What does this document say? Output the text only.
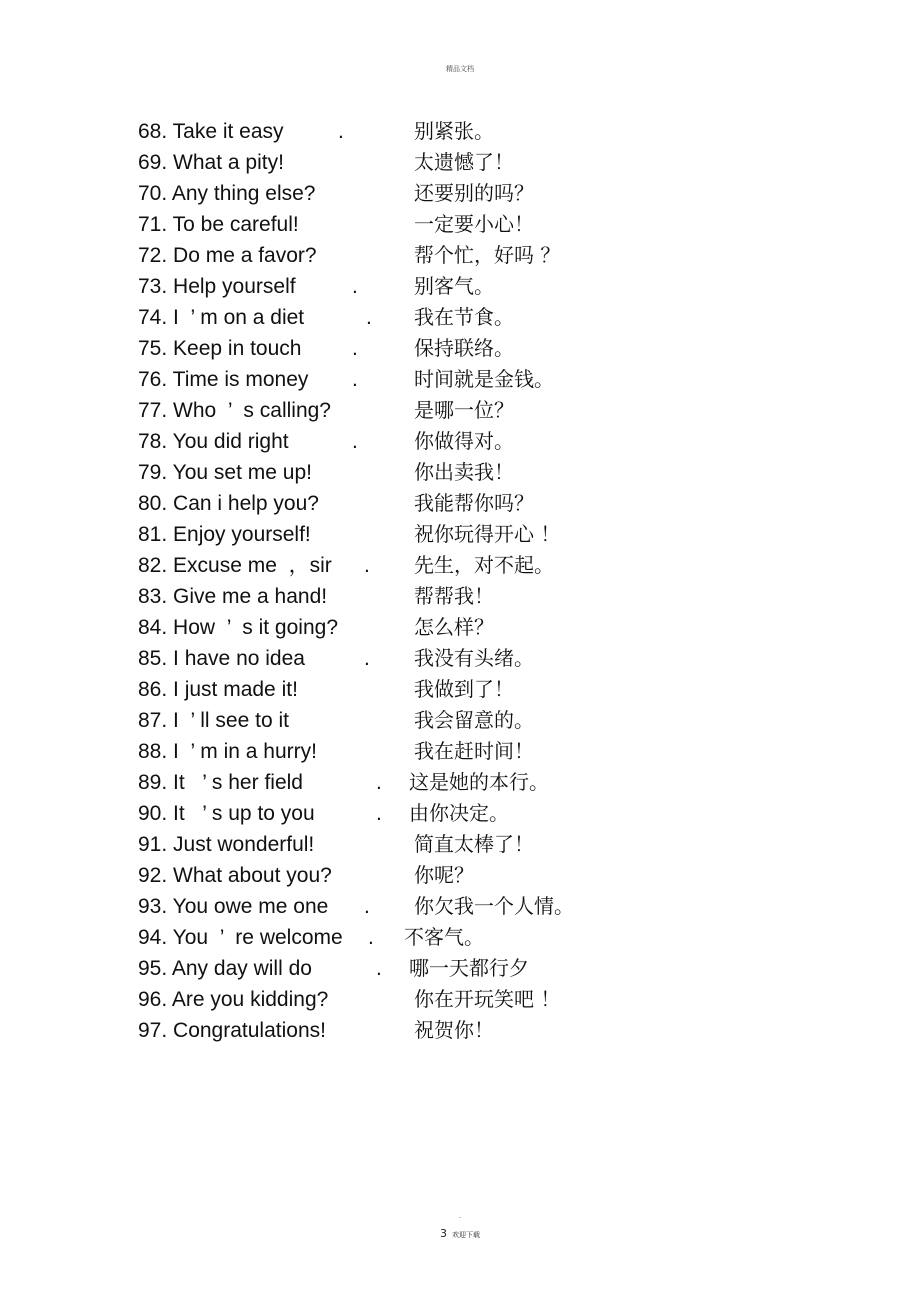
精品文档
68. Take it easy	.	别紧张。
69. What a pity!	太遗憾了！
70. Any thing else?	还要别的吗？
71. To be careful!	一定要小心！
72. Do me a favor?	帮个忙，好吗 ？
73. Help yourself	.	别客气。
74. I  ’ m on a diet	. 我在节食。
75. Keep in touch .	保持联络。
76. Time is money .	时间就是金钱。
77. Who  ’  s calling?	是哪一位？
78. You did right	.	你做得对。
79. You set me up!	你出卖我！
80. Can i help you?	我能帮你吗？
81. Enjoy yourself!	祝你玩得开心 ！
82. Excuse me  ，sir . 先生，对不起。
83. Give me a hand!	帮帮我！
84. How  ’  s it going?	怎么样？
85. I have no idea	. 我没有头绪。
86. I just made it!	我做到了！
87. I  ’ ll see to it	我会留意的。
88. I  ’ m in a hurry!	我在赶时间！
89. It   ’ s her field	. 这是她的本行。
90. It   ’ s up to you	. 由你决定。
91. Just wonderful!	简直太棒了！
92. What about you?	你呢？
93. You owe me one . 你欠我一个人情。
94. You  ’  re welcome . 不客气。
95. Any day will do	. 哪一天都行夕
96. Are you kidding?	你在开玩笑吧 ！
97. Congratulations!	祝贺你！
.
3 欢迎下载
